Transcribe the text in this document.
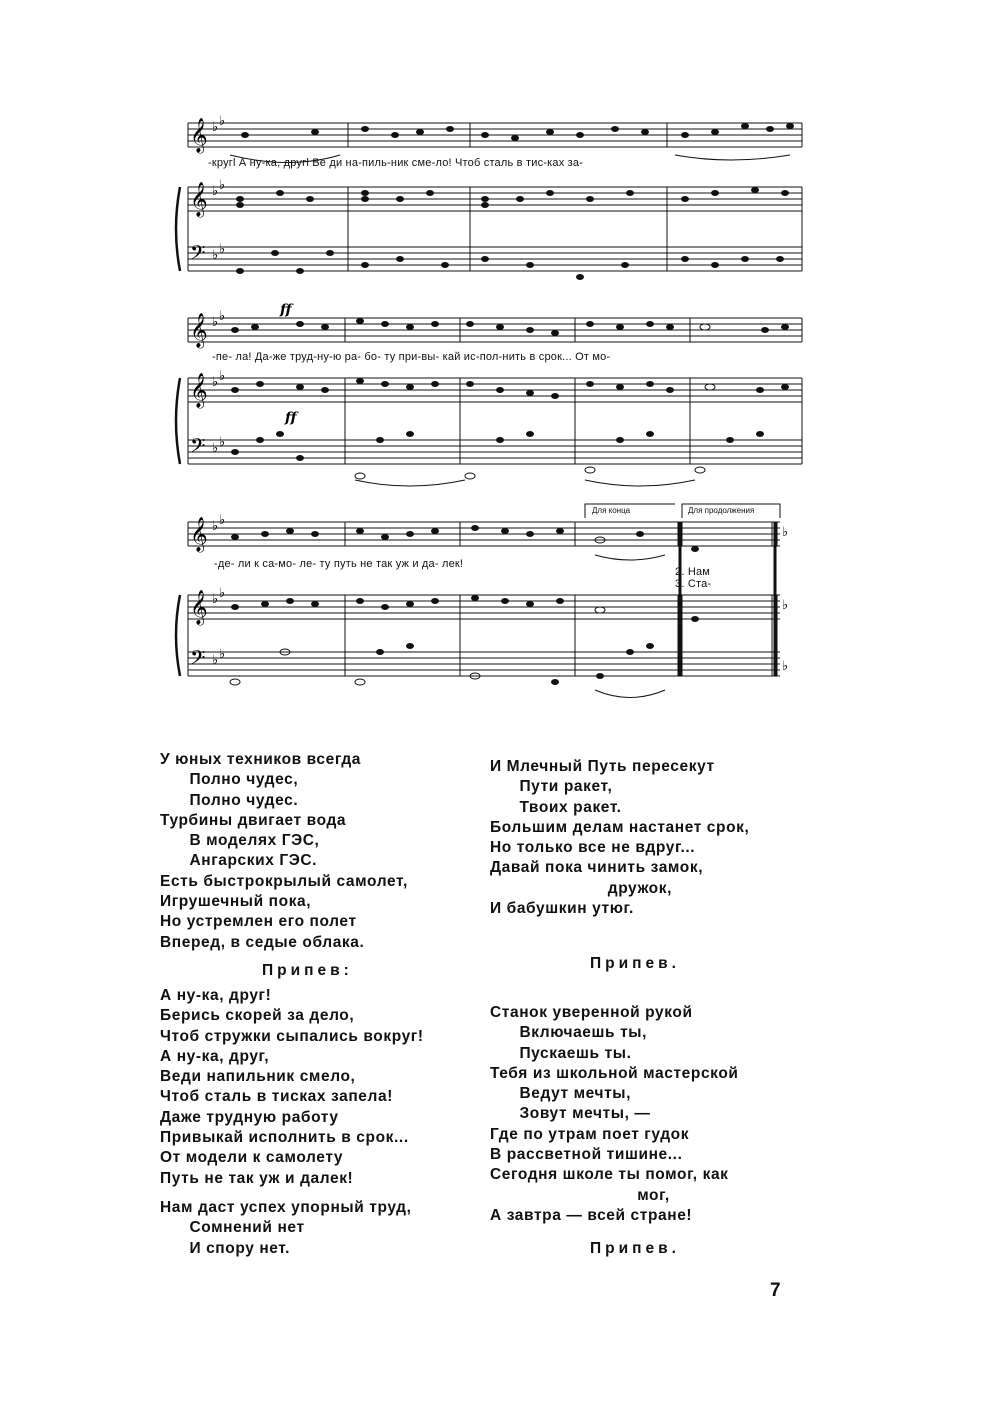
𝄞
𝄞
𝄢
♭ ♭
♭ ♭
♭ ♭
-кругl А ну-ка, другl Ве ди на-пиль-ник сме-ло! Чтоб сталь в тис-ках за-
𝄞
𝄞
𝄢
♭ ♭
♭ ♭
♭ ♭
ff
ff
-пе- ла! Да-же труд-ну-ю ра- бо- ту при-вы- кай ис-пол-нить в срок... От мо-
𝄞
𝄞
𝄢
♭ ♭
♭ ♭
♭ ♭
♭
♭
♭
Для конца	Для продолжения
-де- ли к са-мо- ле- ту путь не так уж и да- лек!
2. Нам
3. Ста-
У юных техников всегда
Полно чудес,
Полно чудес.
Турбины двигает вода
В моделях ГЭС,
Ангарских ГЭС.
Есть быстрокрылый самолет,
Игрушечный пока,
Но устремлен его полет
Вперед, в седые облака.
Припев:
А ну-ка, друг!
Берись скорей за дело,
Чтоб стружки сыпались вокруг!
А ну-ка, друг,
Веди напильник смело,
Чтоб сталь в тисках запела!
Даже трудную работу
Привыкай исполнить в срок...
От модели к самолету
Путь не так уж и далек!
Нам даст успех упорный труд,
Сомнений нет
И спору нет.
И Млечный Путь пересекут
Пути ракет,
Твоих ракет.
Большим делам настанет срок,
Но только все не вдруг...
Давай пока чинить замок,
дружок,
И бабушкин утюг.
Припев.
Станок уверенной рукой
Включаешь ты,
Пускаешь ты.
Тебя из школьной мастерской
Ведут мечты,
Зовут мечты, —
Где по утрам поет гудок
В рассветной тишине...
Сегодня школе ты помог, как
мог,
А завтра — всей стране!
Припев.
7
